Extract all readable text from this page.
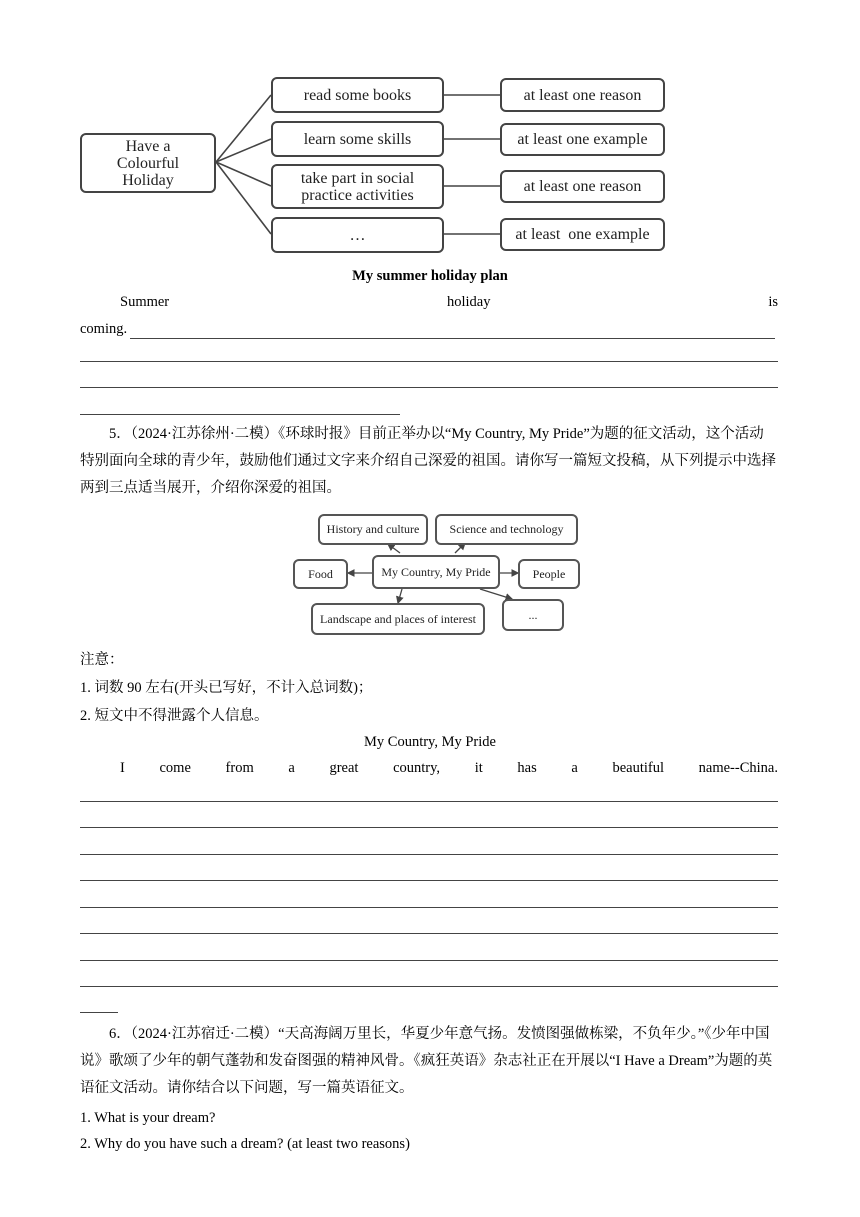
Have a Colourful Holiday
read some books
learn some skills
take part in social practice activities
…
at least one reason
at least one example
at least one reason
at least  one example
My summer holiday plan
Summer	holiday	is
coming.
5．（2024·江苏徐州·二模）《环球时报》目前正举办以“My Country, My Pride”为题的征文活动，这个活动特别面向全球的青少年，鼓励他们通过文字来介绍自己深爱的祖国。请你写一篇短文投稿，从下列提示中选择两到三点适当展开，介绍你深爱的祖国。
History and culture	Science and technology
Food	My Country, My Pride	People
Landscape and places of interest	...
注意：
1. 词数 90 左右(开头已写好，不计入总词数)；
2. 短文中不得泄露个人信息。
My Country, My Pride
I come from a great country, it has a beautiful name--China.
6．（2024·江苏宿迁·二模）“天高海阔万里长，华夏少年意气扬。发愤图强做栋梁，不负年少。”《少年中国说》歌颂了少年的朝气蓬勃和发奋图强的精神风骨。《疯狂英语》杂志社正在开展以“I Have a Dream”为题的英语征文活动。请你结合以下问题，写一篇英语征文。
1. What is your dream?
2. Why do you have such a dream? (at least two reasons)
